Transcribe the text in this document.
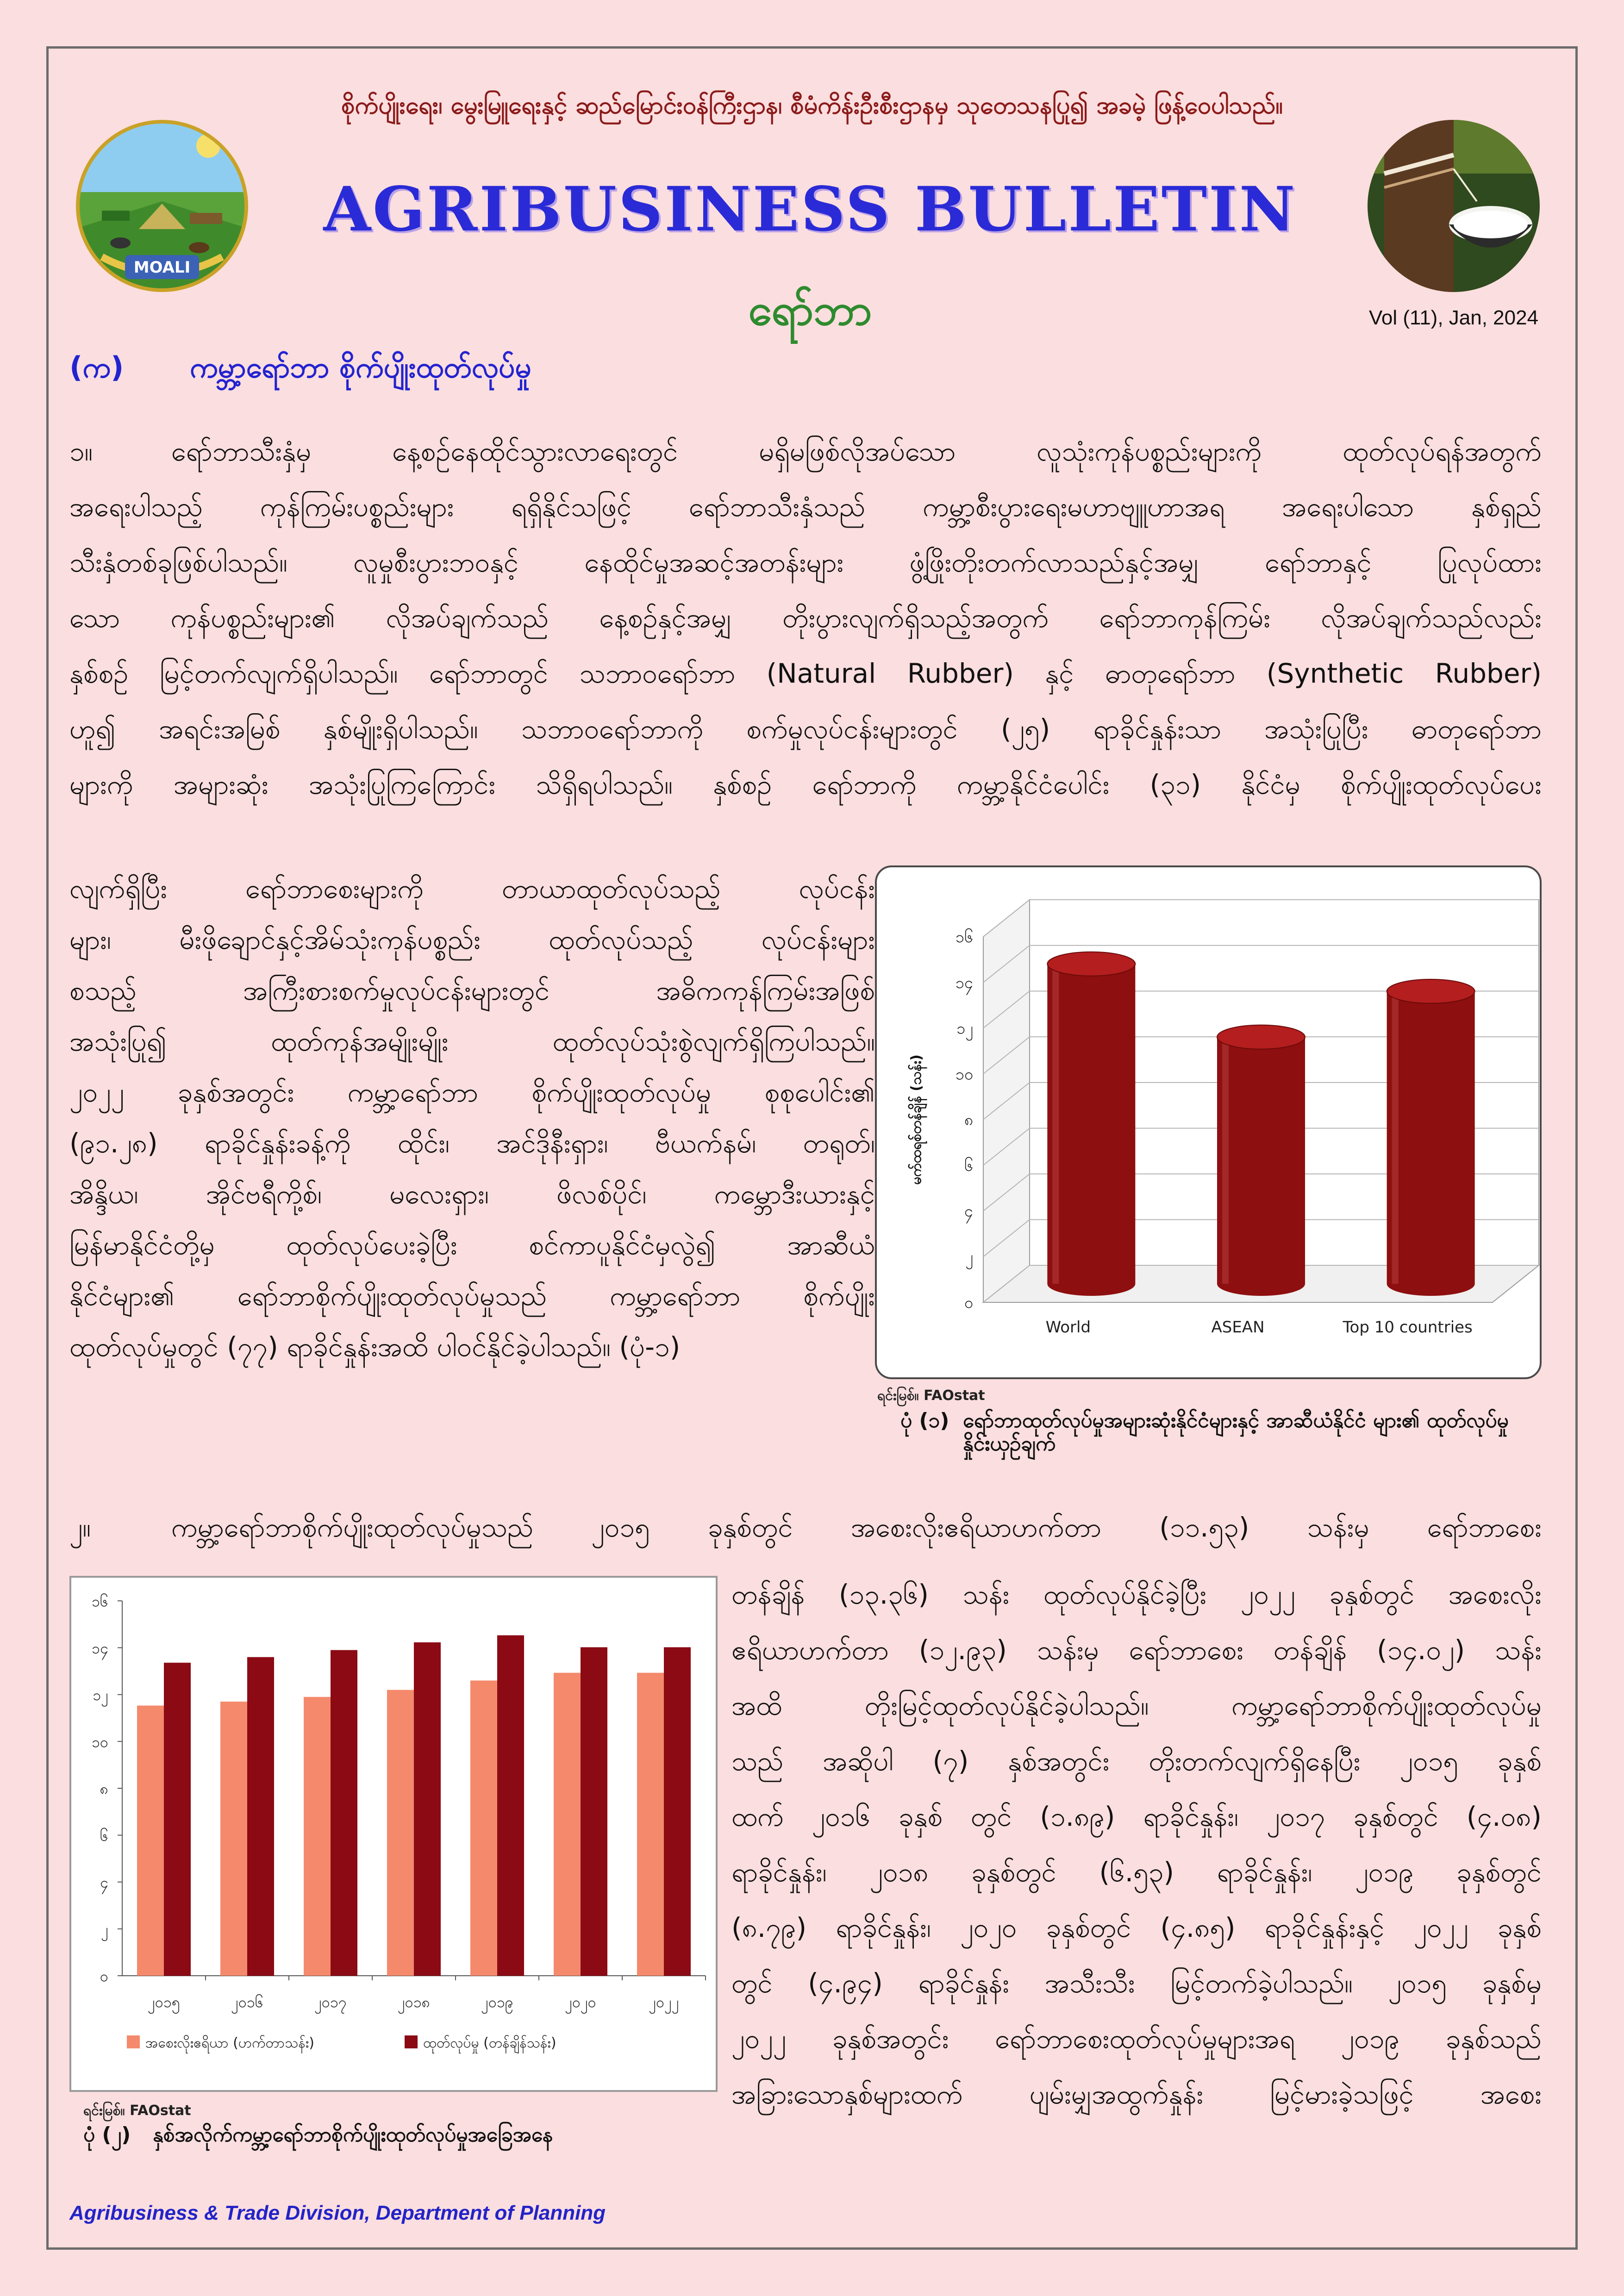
စိုက်ပျိုးရေး၊ မွေးမြူရေးနှင့် ဆည်မြောင်းဝန်ကြီးဌာန၊ စီမံကိန်းဦးစီးဌာနမှ သုတေသနပြု၍ အခမဲ့ ဖြန့်ဝေပါသည်။
MOALI
AGRIBUSINESS BULLETIN
ရော်ဘာ	Vol (11), Jan, 2024
(က) ကမ္ဘာ့ရော်ဘာ စိုက်ပျိုးထုတ်လုပ်မှု
၁။	ရော်ဘာသီးနှံမှ နေ့စဉ်နေထိုင်သွားလာရေးတွင် မရှိမဖြစ်လိုအပ်သော လူသုံးကုန်ပစ္စည်းများကို ထုတ်လုပ်ရန်အတွက်
အရေးပါသည့် ကုန်ကြမ်းပစ္စည်းများ ရရှိနိုင်သဖြင့် ရော်ဘာသီးနှံသည် ကမ္ဘာ့စီးပွားရေးမဟာဗျူဟာအရ အရေးပါသော နှစ်ရှည်
သီးနှံတစ်ခုဖြစ်ပါသည်။ လူမှုစီးပွားဘဝနှင့် နေထိုင်မှုအဆင့်အတန်းများ ဖွံ့ဖြိုးတိုးတက်လာသည်နှင့်အမျှ ရော်ဘာနှင့် ပြုလုပ်ထား
သော ကုန်ပစ္စည်းများ၏ လိုအပ်ချက်သည် နေ့စဉ်နှင့်အမျှ တိုးပွားလျက်ရှိသည့်အတွက် ရော်ဘာကုန်ကြမ်း လိုအပ်ချက်သည်လည်း
နှစ်စဉ် မြင့်တက်လျက်ရှိပါသည်။ ရော်ဘာတွင် သဘာဝရော်ဘာ (Natural Rubber) နှင့် ဓာတုရော်ဘာ (Synthetic Rubber)
ဟူ၍ အရင်းအမြစ် နှစ်မျိုးရှိပါသည်။ သဘာဝရော်ဘာကို စက်မှုလုပ်ငန်းများတွင် (၂၅) ရာခိုင်နှုန်းသာ အသုံးပြုပြီး ဓာတုရော်ဘာ
များကို အများဆုံး အသုံးပြုကြကြောင်း သိရှိရပါသည်။ နှစ်စဉ် ရော်ဘာကို ကမ္ဘာ့နိုင်ငံပေါင်း (၃၁) နိုင်ငံမှ စိုက်ပျိုးထုတ်လုပ်ပေး
လျက်ရှိပြီး ရော်ဘာစေးများကို တာယာထုတ်လုပ်သည့် လုပ်ငန်း
များ၊ မီးဖိုချောင်နှင့်အိမ်သုံးကုန်ပစ္စည်း ထုတ်လုပ်သည့် လုပ်ငန်းများ
စသည့် အကြီးစားစက်မှုလုပ်ငန်းများတွင် အဓိကကုန်ကြမ်းအဖြစ်
အသုံးပြု၍ ထုတ်ကုန်အမျိုးမျိုး ထုတ်လုပ်သုံးစွဲလျက်ရှိကြပါသည်။
၂၀၂၂ ခုနှစ်အတွင်း ကမ္ဘာ့ရော်ဘာ စိုက်ပျိုးထုတ်လုပ်မှု စုစုပေါင်း၏
(၉၁.၂၈) ရာခိုင်နှုန်းခန့်ကို ထိုင်း၊ အင်ဒိုနီးရှား၊ ဗီယက်နမ်၊ တရုတ်၊
အိန္ဒိယ၊ အိုင်ဗရီကို့စ်၊ မလေးရှား၊ ဖိလစ်ပိုင်၊ ကမ္ဘောဒီးယားနှင့်
မြန်မာနိုင်ငံတို့မှ ထုတ်လုပ်ပေးခဲ့ပြီး စင်ကာပူနိုင်ငံမှလွဲ၍ အာဆီယံ
နိုင်ငံများ၏ ရော်ဘာစိုက်ပျိုးထုတ်လုပ်မှုသည် ကမ္ဘာ့ရော်ဘာ စိုက်ပျိုး
ထုတ်လုပ်မှုတွင် (၇၇) ရာခိုင်နှုန်းအထိ ပါဝင်နိုင်ခဲ့ပါသည်။ (ပုံ-၁)
၀
၂
၄
၆
၈
၁၀
၁၂
၁၄
၁၆
မက်ထရစ်တန်ချိန် (သန်း)
World	ASEAN	Top 10 countries
ရင်းမြစ်။ FAOstat
ပုံ (၁) ရော်ဘာထုတ်လုပ်မှုအများဆုံးနိုင်ငံများနှင့် အာဆီယံနိုင်ငံ များ၏ ထုတ်လုပ်မှု နှိုင်းယှဉ်ချက်
၂။	ကမ္ဘာ့ရော်ဘာစိုက်ပျိုးထုတ်လုပ်မှုသည် ၂၀၁၅ ခုနှစ်တွင် အစေးလိုးဧရိယာဟက်တာ (၁၁.၅၃) သန်းမှ ရော်ဘာစေး
တန်ချိန် (၁၃.၃၆) သန်း ထုတ်လုပ်နိုင်ခဲ့ပြီး ၂၀၂၂ ခုနှစ်တွင် အစေးလိုး
ဧရိယာဟက်တာ (၁၂.၉၃) သန်းမှ ရော်ဘာစေး တန်ချိန် (၁၄.၀၂) သန်း
အထိ တိုးမြင့်ထုတ်လုပ်နိုင်ခဲ့ပါသည်။ ကမ္ဘာ့ရော်ဘာစိုက်ပျိုးထုတ်လုပ်မှု
သည် အဆိုပါ (၇) နှစ်အတွင်း တိုးတက်လျက်ရှိနေပြီး ၂၀၁၅ ခုနှစ်
ထက် ၂၀၁၆ ခုနှစ် တွင် (၁.၈၉) ရာခိုင်နှုန်း၊ ၂၀၁၇ ခုနှစ်တွင် (၄.၀၈)
ရာခိုင်နှုန်း၊ ၂၀၁၈ ခုနှစ်တွင် (၆.၅၃) ရာခိုင်နှုန်း၊ ၂၀၁၉ ခုနှစ်တွင်
(၈.၇၉) ရာခိုင်နှုန်း၊ ၂၀၂၀ ခုနှစ်တွင် (၄.၈၅) ရာခိုင်နှုန်းနှင့် ၂၀၂၂ ခုနှစ်
တွင် (၄.၉၄) ရာခိုင်နှုန်း အသီးသီး မြင့်တက်ခဲ့ပါသည်။ ၂၀၁၅ ခုနှစ်မှ
၂၀၂၂ ခုနှစ်အတွင်း ရော်ဘာစေးထုတ်လုပ်မှုများအရ ၂၀၁၉ ခုနှစ်သည်
အခြားသောနှစ်များထက် ပျမ်းမျှအထွက်နှုန်း မြင့်မားခဲ့သဖြင့် အစေး
၀
၂
၄
၆
၈
၁၀
၁၂
၁၄
၁၆
၂၀၁၅	၂၀၁၆	၂၀၁၇	၂၀၁၈	၂၀၁၉	၂၀၂၀	၂၀၂၂
အစေးလိုးဧရိယာ (ဟက်တာသန်း)	ထုတ်လုပ်မှု (တန်ချိန်သန်း)
ရင်းမြစ်။ FAOstat
ပုံ (၂)	နှစ်အလိုက်ကမ္ဘာ့ရော်ဘာစိုက်ပျိုးထုတ်လုပ်မှုအခြေအနေ
Agribusiness & Trade Division, Department of Planning
